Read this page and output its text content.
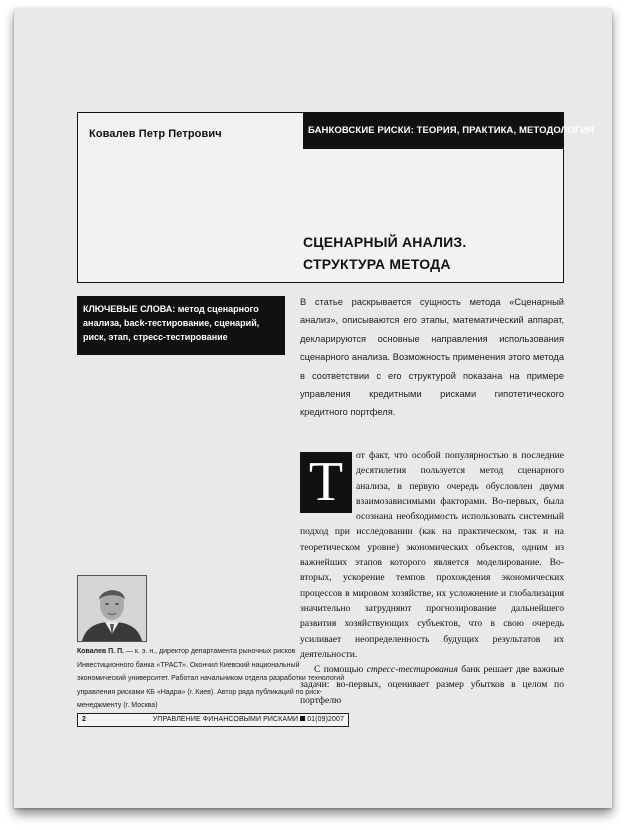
Ковалев Петр Петрович	БАНКОВСКИЕ РИСКИ: ТЕОРИЯ, ПРАКТИКА, МЕТОДОЛОГИЯ
СЦЕНАРНЫЙ АНАЛИЗ.
СТРУКТУРА МЕТОДА
КЛЮЧЕВЫЕ СЛОВА: метод сценарного анализа, back-тестирование, сценарий, риск, этап, стресс-тестирование
В статье раскрывается сущность метода «Сценарный анализ», описываются его этапы, математический аппарат, декларируются основные направления использования сценарного анализа. Возможность применения этого метода в соответствии с его структурой показана на примере управления кредитными рисками гипотетического кредитного портфеля.
Т	от факт, что особой популярностью в последние десятилетия пользуется метод сценарного анализа, в первую очередь обусловлен двумя взаимозависимыми факторами. Во-первых, была осознана необходимость использовать системный подход при исследовании (как на практическом, так и на теоретическом уровне) экономических объектов, одним из важнейших этапов которого является моделирование. Во-вторых, ускорение темпов прохождения экономических процессов в мировом хозяйстве, их усложнение и глобализация значительно затрудняют прогнозирование дальнейшего развития хозяйствующих субъектов, что в свою очередь усиливает неопределенность будущих результатов их деятельности.

С помощью стресс-тестирования банк решает две важные задачи: во-первых, оценивает размер убытков в целом по портфелю

Ковалев П. П. — к. э. н., директор департамента рыночных рисков Инвестиционного банка «ТРАСТ». Окончил Киевский национальный экономический университет. Работал начальником отдела разработки технологий управления рисками КБ «Надра» (г. Киев). Автор ряда публикаций по риск-менеджменту (г. Москва)
2	УПРАВЛЕНИЕ ФИНАНСОВЫМИ РИСКАМИ 01(09)2007
